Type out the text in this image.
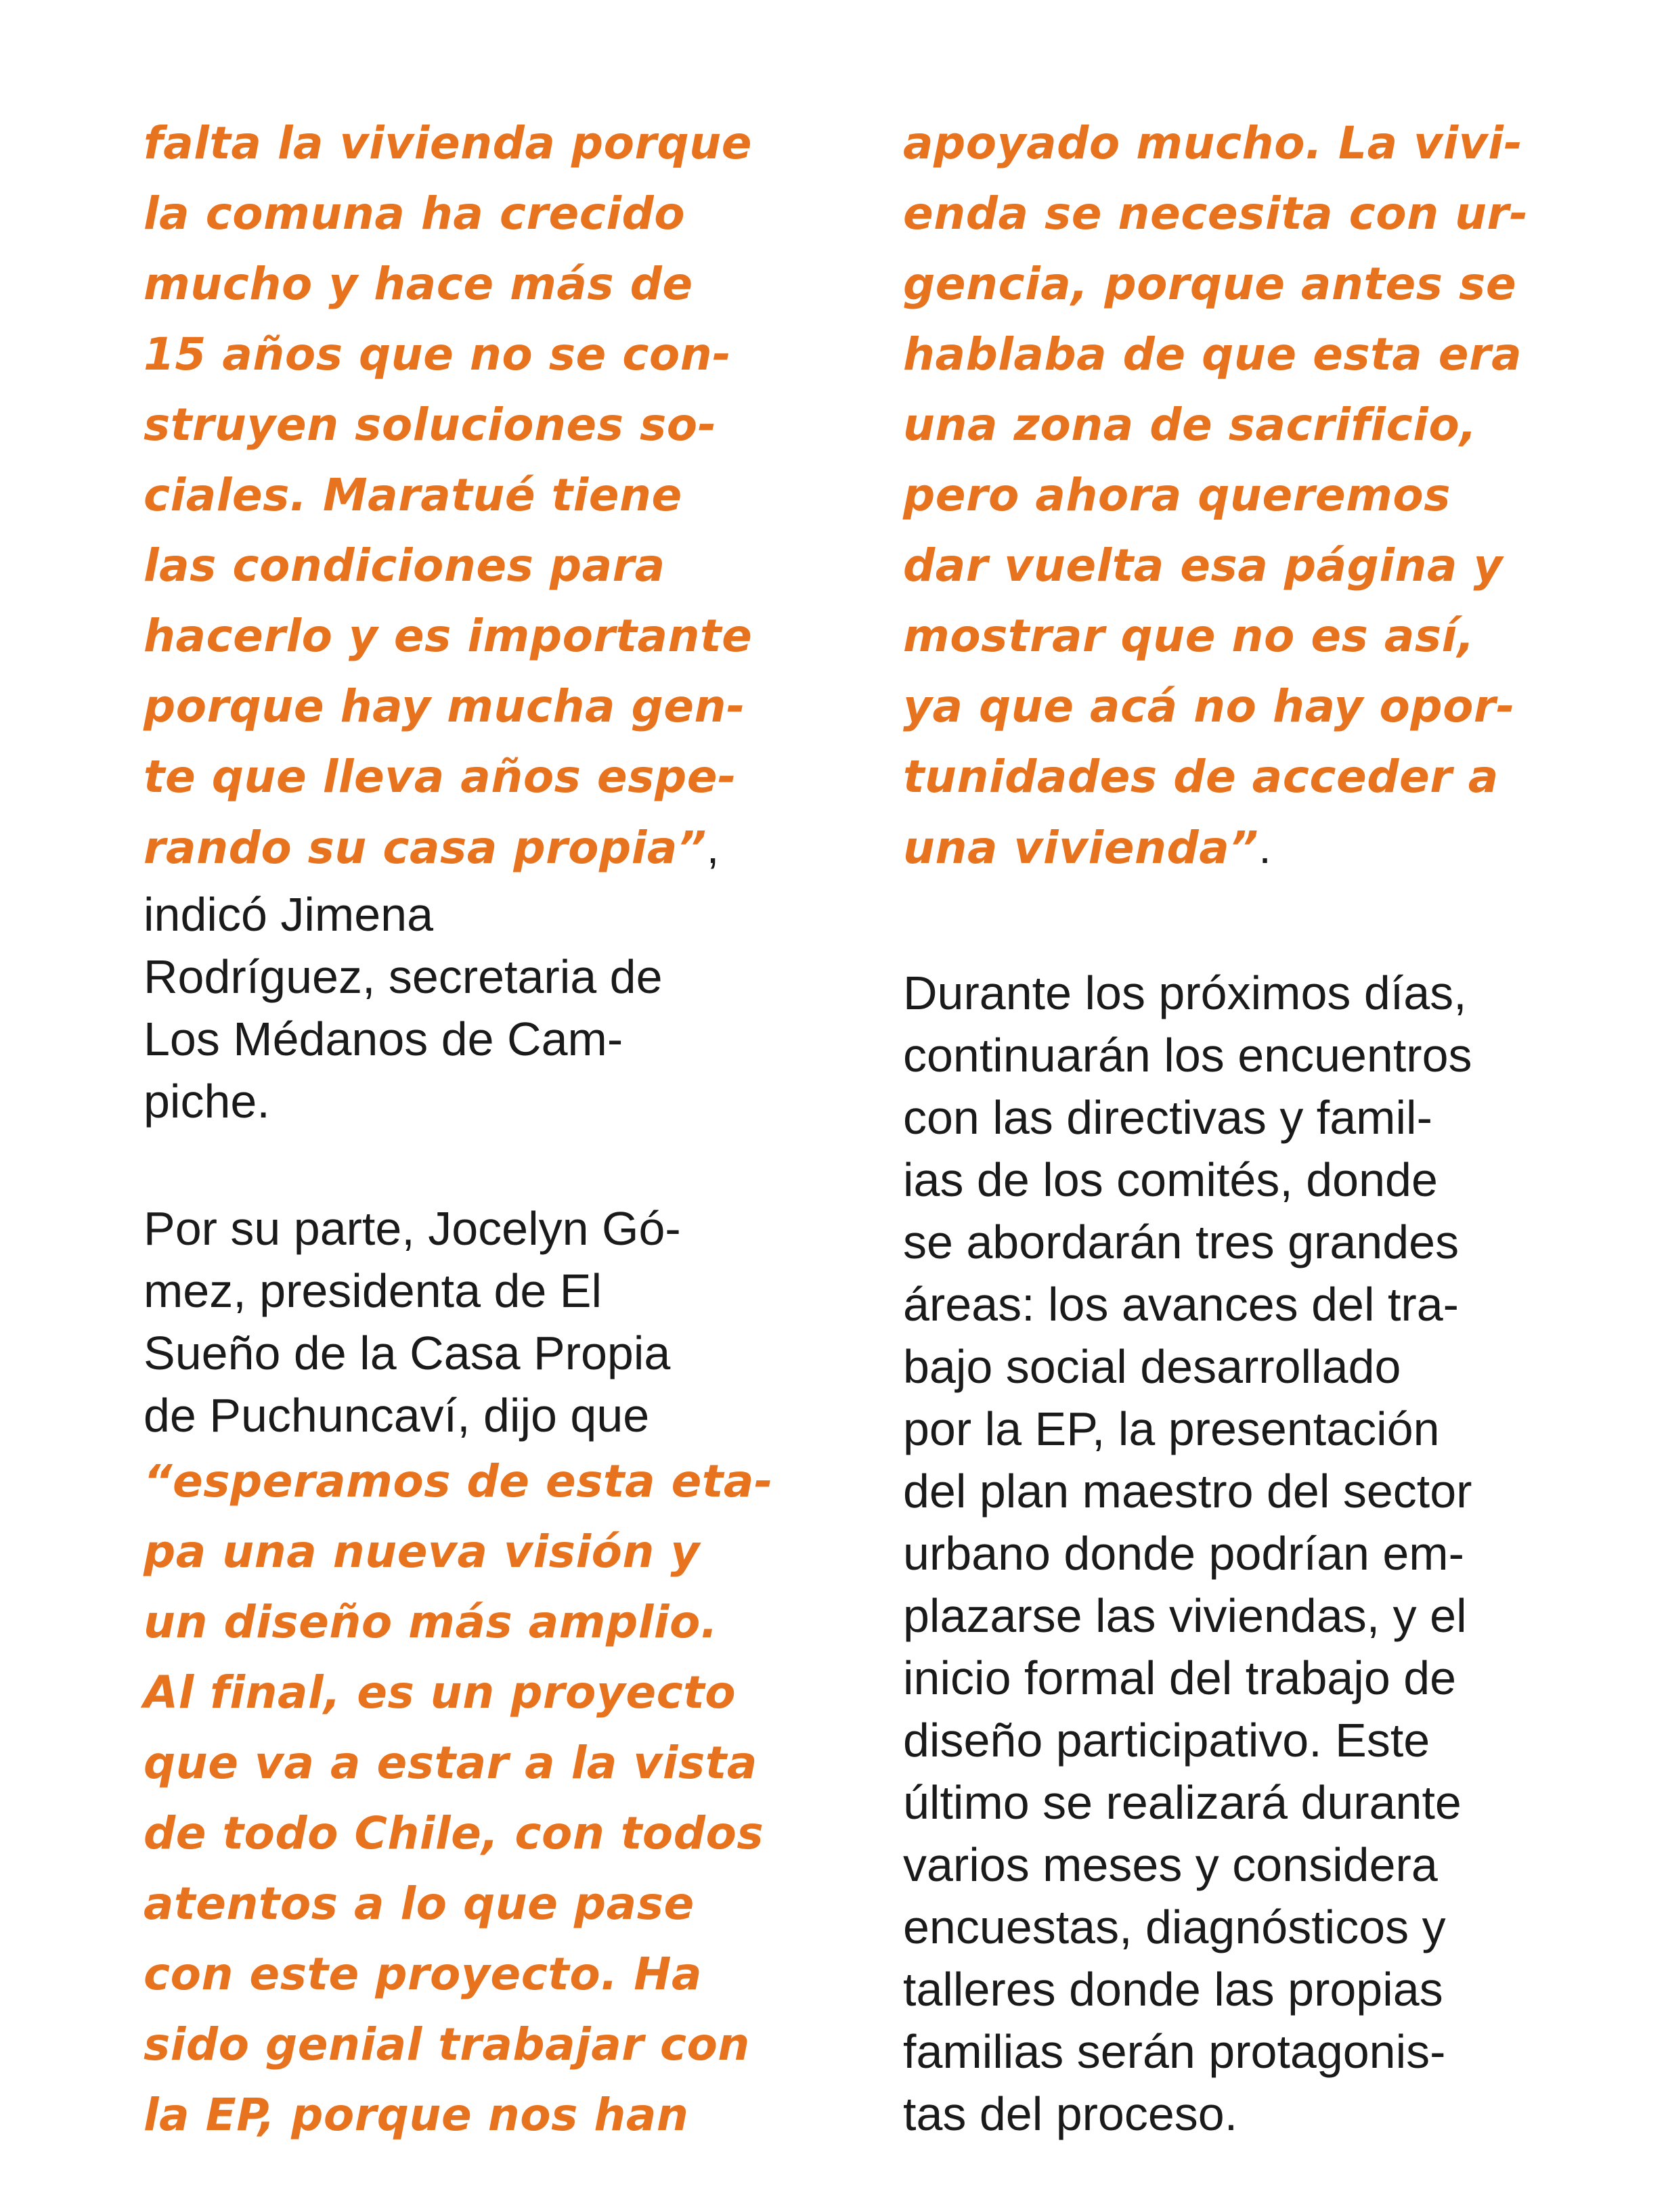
falta la vivienda porque
la comuna ha crecido
mucho y hace más de
15 años que no se con-
struyen soluciones so-
ciales. Maratué tiene
las condiciones para
hacerlo y es importante
porque hay mucha gen-
te que lleva años espe-
rando su casa propia”,
indicó Jimena
Rodríguez, secretaria de
Los Médanos de Cam-
piche.
Por su parte, Jocelyn Gó-
mez, presidenta de El
Sueño de la Casa Propia
de Puchuncaví, dijo que
“esperamos de esta eta-
pa una nueva visión y
un diseño más amplio.
Al final, es un proyecto
que va a estar a la vista
de todo Chile, con todos
atentos a lo que pase
con este proyecto. Ha
sido genial trabajar con
la EP, porque nos han
apoyado mucho. La vivi-
enda se necesita con ur-
gencia, porque antes se
hablaba de que esta era
una zona de sacrificio,
pero ahora queremos
dar vuelta esa página y
mostrar que no es así,
ya que acá no hay opor-
tunidades de acceder a
una vivienda”.
Durante los próximos días,
continuarán los encuentros
con las directivas y famil-
ias de los comités, donde
se abordarán tres grandes
áreas: los avances del tra-
bajo social desarrollado
por la EP, la presentación
del plan maestro del sector
urbano donde podrían em-
plazarse las viviendas, y el
inicio formal del trabajo de
diseño participativo. Este
último se realizará durante
varios meses y considera
encuestas, diagnósticos y
talleres donde las propias
familias serán protagonis-
tas del proceso.
